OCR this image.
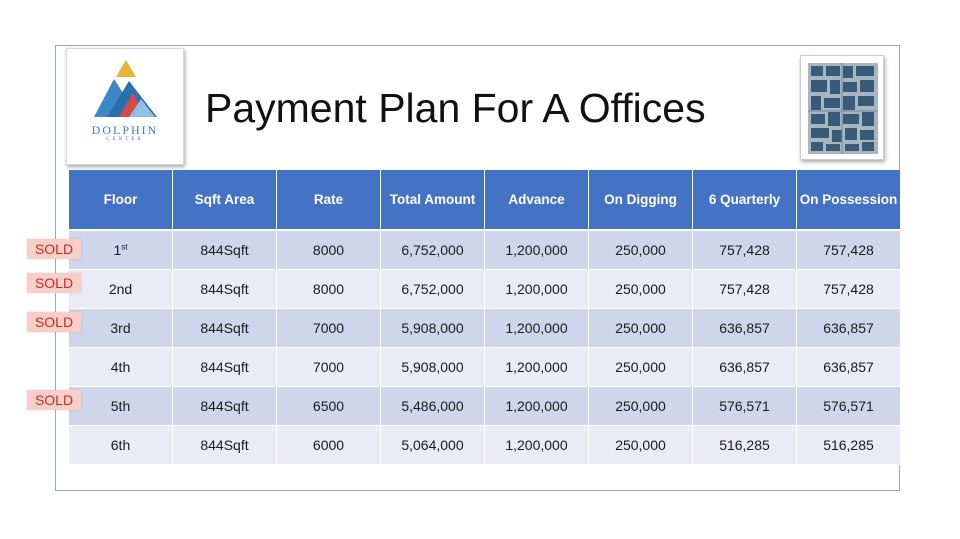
DOLPHIN
CENTER
Payment Plan For A Offices
Floor	Sqft Area	Rate	Total Amount	Advance	On Digging	6 Quarterly	On Possession
1st	844Sqft	8000	6,752,000	1,200,000	250,000	757,428	757,428
2nd	844Sqft	8000	6,752,000	1,200,000	250,000	757,428	757,428
3rd	844Sqft	7000	5,908,000	1,200,000	250,000	636,857	636,857
4th	844Sqft	7000	5,908,000	1,200,000	250,000	636,857	636,857
5th	844Sqft	6500	5,486,000	1,200,000	250,000	576,571	576,571
6th	844Sqft	6000	5,064,000	1,200,000	250,000	516,285	516,285
SOLD
SOLD
SOLD
SOLD
